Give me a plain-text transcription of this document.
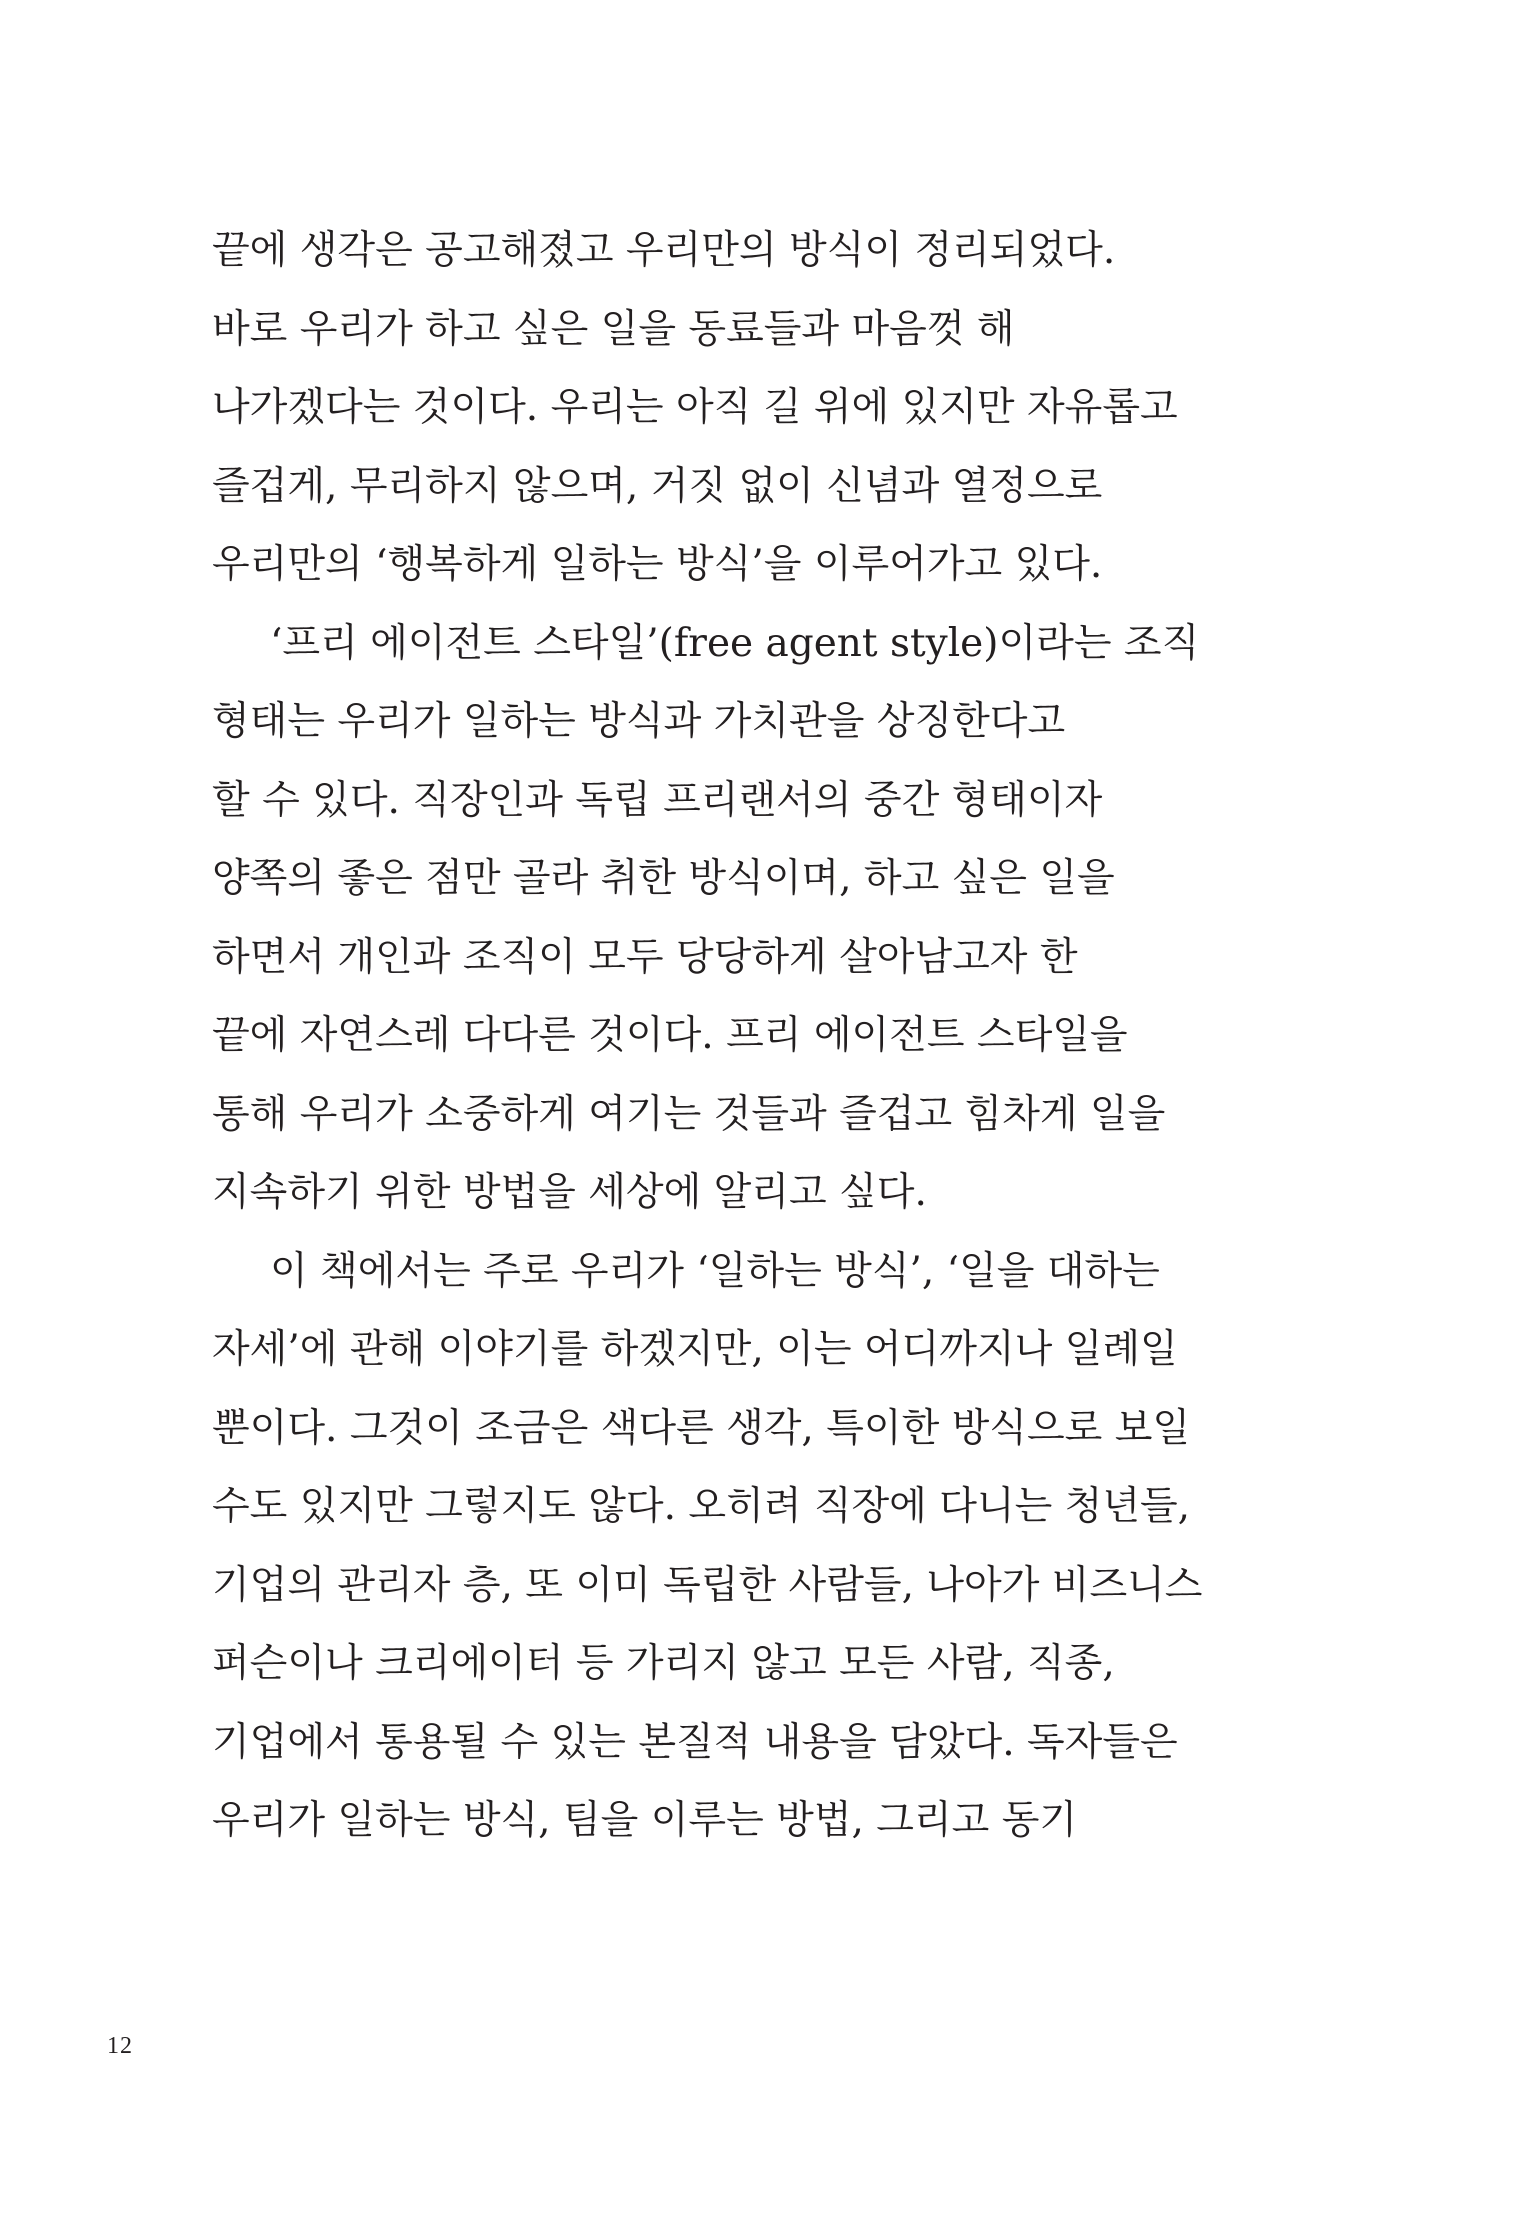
끝에 생각은 공고해졌고 우리만의 방식이 정리되었다.
바로 우리가 하고 싶은 일을 동료들과 마음껏 해
나가겠다는 것이다. 우리는 아직 길 위에 있지만 자유롭고
즐겁게, 무리하지 않으며, 거짓 없이 신념과 열정으로
우리만의 ‘행복하게 일하는 방식’을 이루어가고 있다.
‘프리 에이전트 스타일’(free agent style)이라는 조직
형태는 우리가 일하는 방식과 가치관을 상징한다고
할 수 있다. 직장인과 독립 프리랜서의 중간 형태이자
양쪽의 좋은 점만 골라 취한 방식이며, 하고 싶은 일을
하면서 개인과 조직이 모두 당당하게 살아남고자 한
끝에 자연스레 다다른 것이다. 프리 에이전트 스타일을
통해 우리가 소중하게 여기는 것들과 즐겁고 힘차게 일을
지속하기 위한 방법을 세상에 알리고 싶다.
이 책에서는 주로 우리가 ‘일하는 방식’, ‘일을 대하는
자세’에 관해 이야기를 하겠지만, 이는 어디까지나 일례일
뿐이다. 그것이 조금은 색다른 생각, 특이한 방식으로 보일
수도 있지만 그렇지도 않다. 오히려 직장에 다니는 청년들,
기업의 관리자 층, 또 이미 독립한 사람들, 나아가 비즈니스
퍼슨이나 크리에이터 등 가리지 않고 모든 사람, 직종,
기업에서 통용될 수 있는 본질적 내용을 담았다. 독자들은
우리가 일하는 방식, 팀을 이루는 방법, 그리고 동기
12
